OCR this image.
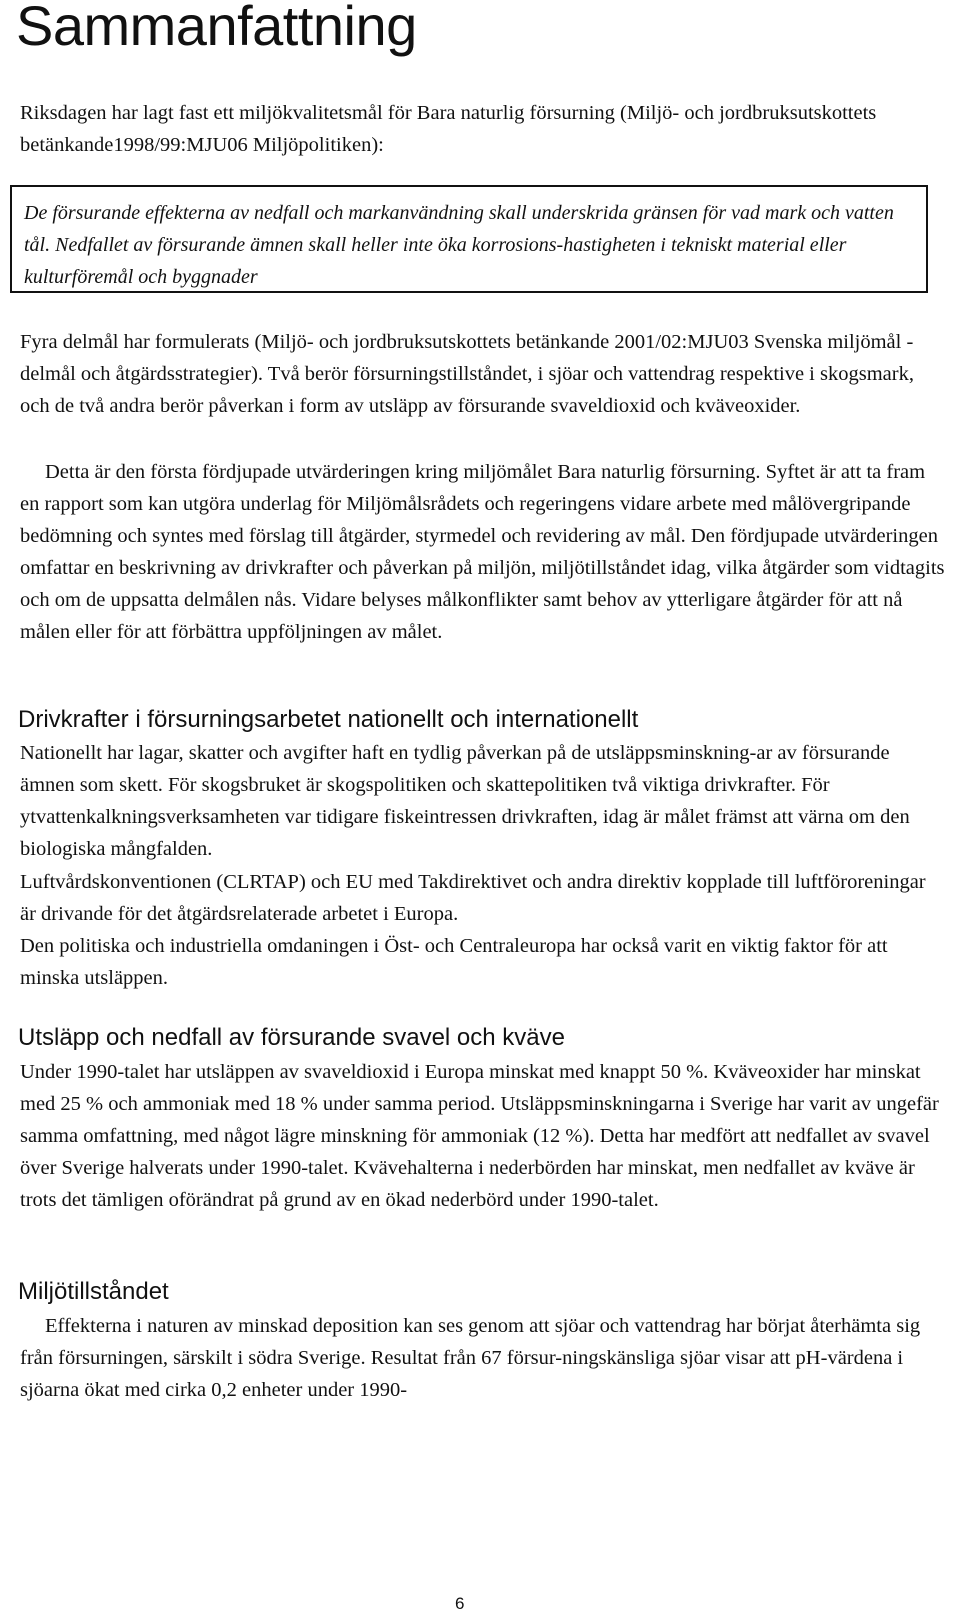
Sammanfattning

Riksdagen har lagt fast ett miljökvalitetsmål för Bara naturlig försurning (Miljö- och jordbruksutskottets betänkande1998/99:MJU06 Miljöpolitiken):

De försurande effekterna av nedfall och markanvändning skall underskrida gränsen för vad mark och vatten tål. Nedfallet av försurande ämnen skall heller inte öka korrosions-hastigheten i tekniskt material eller kulturföremål och byggnader

Fyra delmål har formulerats (Miljö- och jordbruksutskottets betänkande 2001/02:MJU03 Svenska miljömål - delmål och åtgärdsstrategier). Två berör försurningstillståndet, i sjöar och vattendrag respektive i skogsmark, och de två andra berör påverkan i form av utsläpp av försurande svaveldioxid och kväveoxider.

Detta är den första fördjupade utvärderingen kring miljömålet Bara naturlig försurning. Syftet är att ta fram en rapport som kan utgöra underlag för Miljömålsrådets och regeringens vidare arbete med målövergripande bedömning och syntes med förslag till åtgärder, styrmedel och revidering av mål. Den fördjupade utvärderingen omfattar en beskrivning av drivkrafter och påverkan på miljön, miljötillståndet idag, vilka åtgärder som vidtagits och om de uppsatta delmålen nås. Vidare belyses målkonflikter samt behov av ytterligare åtgärder för att nå målen eller för att förbättra uppföljningen av målet.

Drivkrafter i försurningsarbetet nationellt och internationellt

Nationellt har lagar, skatter och avgifter haft en tydlig påverkan på de utsläppsminskning-ar av försurande ämnen som skett. För skogsbruket är skogspolitiken och skattepolitiken två viktiga drivkrafter. För ytvattenkalkningsverksamheten var tidigare fiskeintressen drivkraften, idag är målet främst att värna om den biologiska mångfalden.

Luftvårdskonventionen (CLRTAP) och EU med Takdirektivet och andra direktiv kopplade till luftföroreningar är drivande för det åtgärdsrelaterade arbetet i Europa.

Den politiska och industriella omdaningen i Öst- och Centraleuropa har också varit en viktig faktor för att minska utsläppen.

Utsläpp och nedfall av försurande svavel och kväve

Under 1990-talet har utsläppen av svaveldioxid i Europa minskat med knappt 50 %. Kväveoxider har minskat med 25 % och ammoniak med 18 % under samma period. Utsläppsminskningarna i Sverige har varit av ungefär samma omfattning, med något lägre minskning för ammoniak (12 %). Detta har medfört att nedfallet av svavel över Sverige halverats under 1990-talet. Kvävehalterna i nederbörden har minskat, men nedfallet av kväve är trots det tämligen oförändrat på grund av en ökad nederbörd under 1990-talet.

Miljötillståndet

Effekterna i naturen av minskad deposition kan ses genom att sjöar och vattendrag har börjat återhämta sig från försurningen, särskilt i södra Sverige. Resultat från 67 försur-ningskänsliga sjöar visar att pH-värdena i sjöarna ökat med cirka 0,2 enheter under 1990-

6
